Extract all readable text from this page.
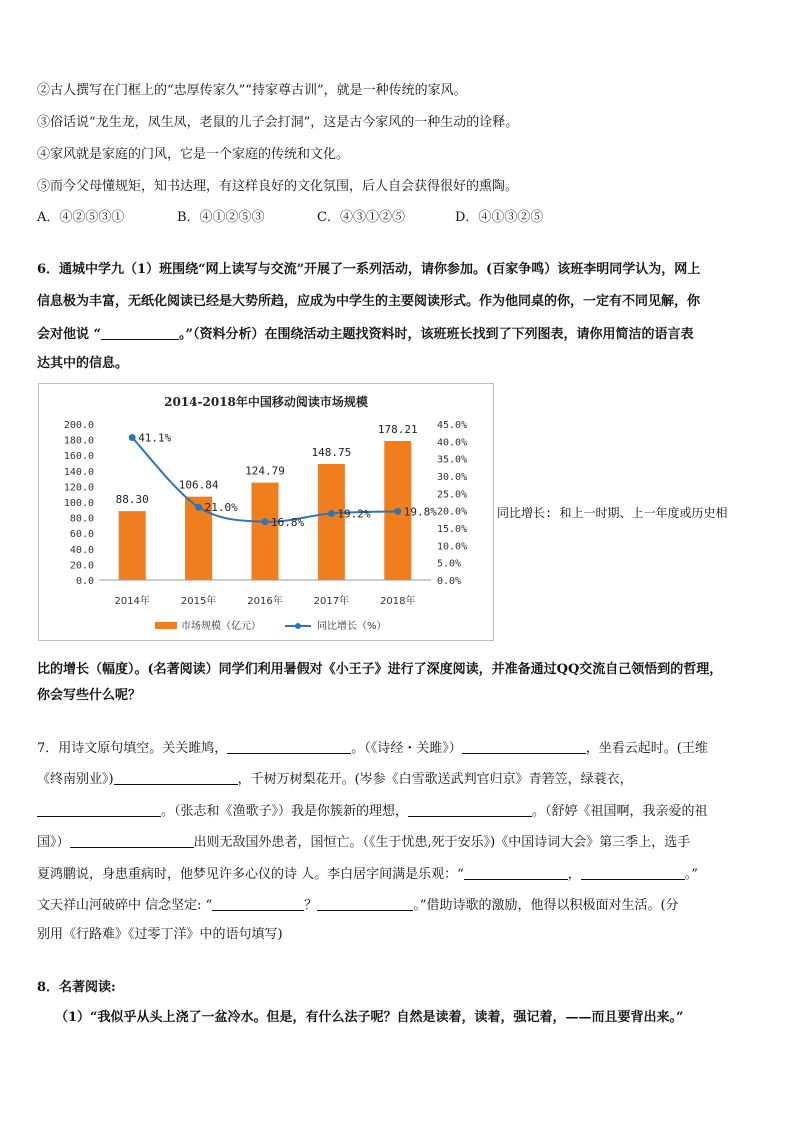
②古人撰写在门框上的“忠厚传家久”“持家尊古训”，就是一种传统的家风。
③俗话说“龙生龙，凤生凤，老鼠的儿子会打洞”，这是古今家风的一种生动的诠释。
④家风就是家庭的门风，它是一个家庭的传统和文化。
⑤而今父母懂规矩，知书达理，有这样良好的文化氛围，后人自会获得很好的熏陶。
A．④②⑤③①	B．④①②⑤③	C．④③①②⑤	D．④①③②⑤
6．通城中学九（1）班围绕“网上读写与交流”开展了一系列活动，请你参加。(百家争鸣）该班李明同学认为，网上
信息极为丰富，无纸化阅读已经是大势所趋，应成为中学生的主要阅读形式。作为他同桌的你，一定有不同见解，你
会对他说 “	。”（资料分析）在围绕活动主题找资料时，该班班长找到了下列图表，请你用简洁的语言表
达其中的信息。
2014-2018年中国移动阅读市场规模
0.0
20.0
40.0
60.0
80.0
100.0
120.0
140.0
160.0
180.0
200.0
0.0%
5.0%
10.0%
15.0%
20.0%
25.0%
30.0%
35.0%
40.0%
45.0%
88.30
106.84
124.79
148.75
178.21
41.1%
21.0%
16.8%
19.2%	19.8%
2014年	2015年	2016年	2017年	2018年
市场规模（亿元）	同比增长（%）
同比增长: 和上一时期、上一年度或历史相
比的增长（幅度）。(名著阅读）同学们利用暑假对《小王子》进行了深度阅读，并准备通过QQ交流自己领悟到的哲理，
你会写些什么呢？
7．用诗文原句填空。关关雎鸠，	。（《诗经・关雎》）	，坐看云起时。(王维
《终南别业》)	，千树万树梨花开。(岑参《白雪歌送武判官归京》青箬笠，绿蓑衣，
。（张志和《渔歌子》）我是你簇新的理想，	。（舒婷《祖国啊，我亲爱的祖
国》）	出则无敌国外患者，国恒亡。（《生于忧患,死于安乐》)《中国诗词大会》第三季上，选手
夏鸿鹏说，身患重病时，他梦见许多心仪的诗 人。李白居字间满是乐观：“	，	。”
文天祥山河破碎中 信念坚定: “	？	。”借助诗歌的激励，他得以积极面对生活。(分
别用《行路难》《过零丁洋》中的语句填写)
8．名著阅读:
（1）“我似乎从头上浇了一盆冷水。但是，有什么法子呢？自然是读着，读着，强记着，——而且要背出来。”
